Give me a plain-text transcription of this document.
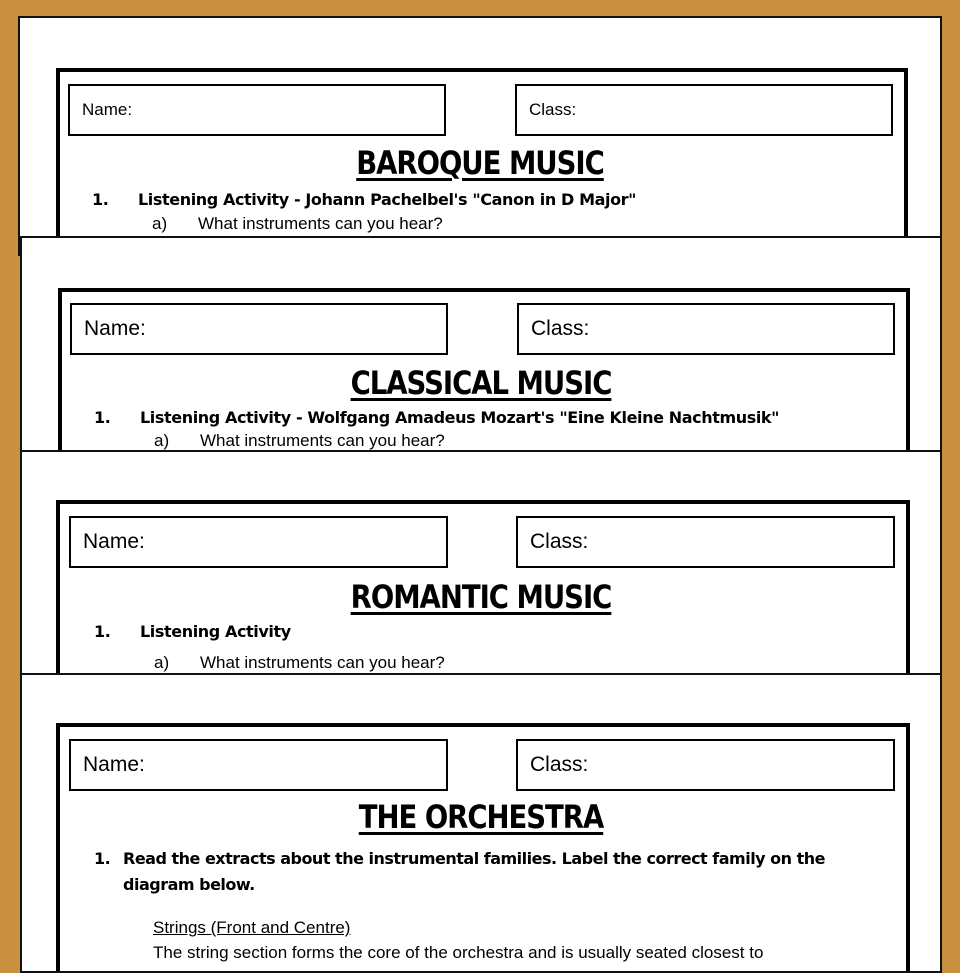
Name:	Class:
BAROQUE MUSIC
1. Listening Activity - Johann Pachelbel's "Canon in D Major"
a) What instruments can you hear?
Name:	Class:
CLASSICAL MUSIC
1. Listening Activity - Wolfgang Amadeus Mozart's "Eine Kleine Nachtmusik"
a) What instruments can you hear?
Name:	Class:
ROMANTIC MUSIC
1. Listening Activity
a) What instruments can you hear?
Name:	Class:
THE ORCHESTRA
1. Read the extracts about the instrumental families. Label the correct family on the
diagram below.
Strings (Front and Centre)
The string section forms the core of the orchestra and is usually seated closest to
